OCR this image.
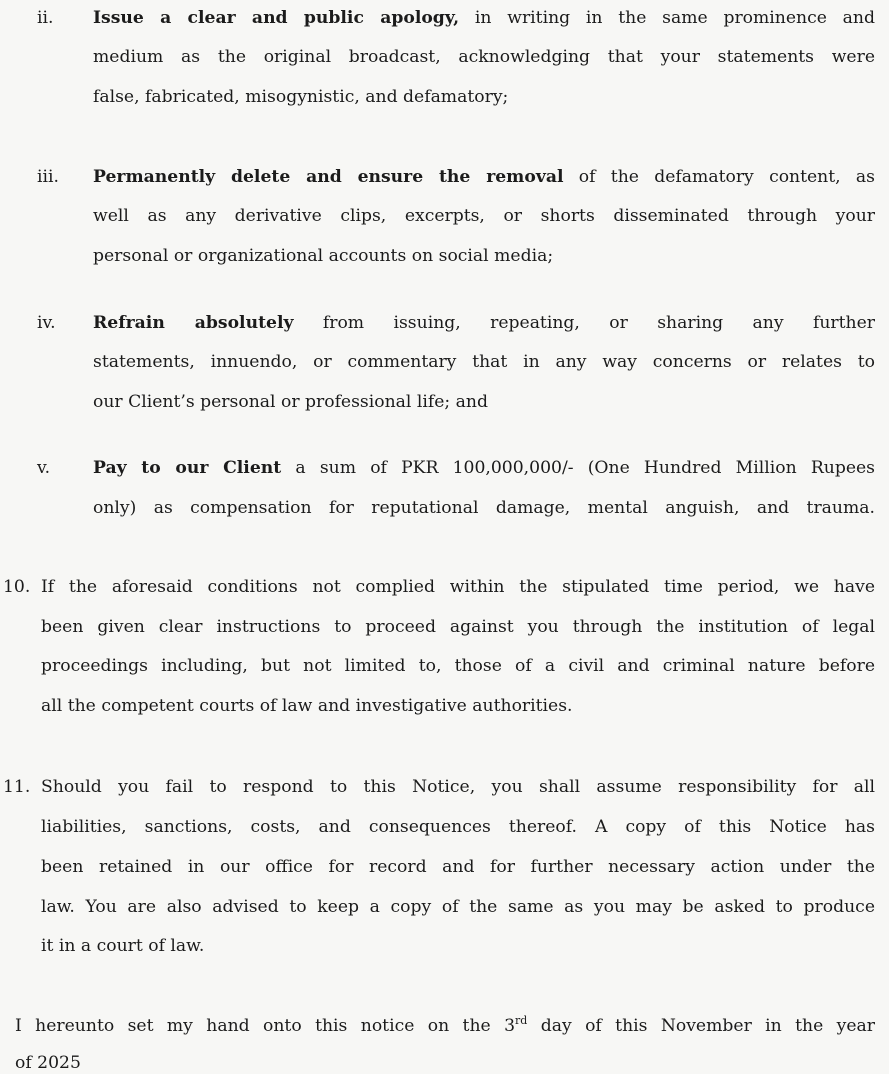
ii. Issue a clear and public apology, in writing in the same prominence and
medium as the original broadcast, acknowledging that your statements were
false, fabricated, misogynistic, and defamatory;
iii. Permanently delete and ensure the removal of the defamatory content, as
well as any derivative clips, excerpts, or shorts disseminated through your
personal or organizational accounts on social media;
iv. Refrain absolutely from issuing, repeating, or sharing any further
statements, innuendo, or commentary that in any way concerns or relates to
our Client’s personal or professional life; and
v. Pay to our Client a sum of PKR 100,000,000/- (One Hundred Million Rupees
only) as compensation for reputational damage, mental anguish, and trauma.
10. If the aforesaid conditions not complied within the stipulated time period, we have
been given clear instructions to proceed against you through the institution of legal
proceedings including, but not limited to, those of a civil and criminal nature before
all the competent courts of law and investigative authorities.
11. Should you fail to respond to this Notice, you shall assume responsibility for all
liabilities, sanctions, costs, and consequences thereof. A copy of this Notice has
been retained in our office for record and for further necessary action under the
law. You are also advised to keep a copy of the same as you may be asked to produce
it in a court of law.
I hereunto set my hand onto this notice on the 3rd day of this November in the year
of 2025
